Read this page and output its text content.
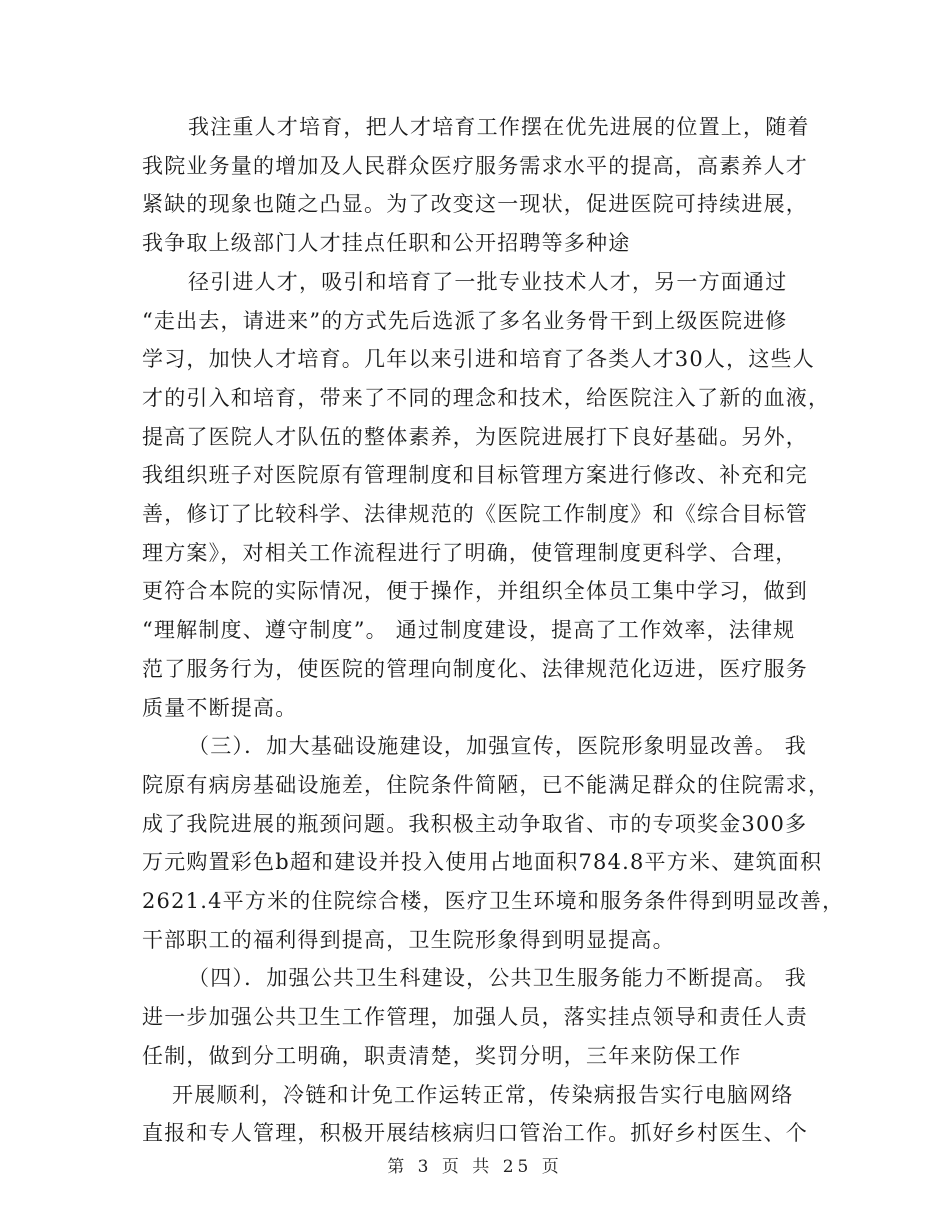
我注重人才培育，把人才培育工作摆在优先进展的位置上，随着
我院业务量的增加及人民群众医疗服务需求水平的提高，高素养人才
紧缺的现象也随之凸显。为了改变这一现状，促进医院可持续进展，
我争取上级部门人才挂点任职和公开招聘等多种途
径引进人才，吸引和培育了一批专业技术人才，另一方面通过
“走出去，请进来”的方式先后选派了多名业务骨干到上级医院进修
学习，加快人才培育。几年以来引进和培育了各类人才30人，这些人
才的引入和培育，带来了不同的理念和技术，给医院注入了新的血液，
提高了医院人才队伍的整体素养，为医院进展打下良好基础。另外，
我组织班子对医院原有管理制度和目标管理方案进行修改、补充和完
善，修订了比较科学、法律规范的《医院工作制度》和《综合目标管
理方案》，对相关工作流程进行了明确，使管理制度更科学、合理，
更符合本院的实际情况，便于操作，并组织全体员工集中学习，做到
“理解制度、遵守制度”。 通过制度建设，提高了工作效率，法律规
范了服务行为，使医院的管理向制度化、法律规范化迈进，医疗服务
质量不断提高。
（三）．加大基础设施建设，加强宣传，医院形象明显改善。 我
院原有病房基础设施差，住院条件简陋，已不能满足群众的住院需求，
成了我院进展的瓶颈问题。我积极主动争取省、市的专项奖金300多
万元购置彩色b超和建设并投入使用占地面积784.8平方米、建筑面积
2621.4平方米的住院综合楼，医疗卫生环境和服务条件得到明显改善，
干部职工的福利得到提高，卫生院形象得到明显提高。
（四）．加强公共卫生科建设，公共卫生服务能力不断提高。 我
进一步加强公共卫生工作管理，加强人员，落实挂点领导和责任人责
任制，做到分工明确，职责清楚，奖罚分明，三年来防保工作
开展顺利，冷链和计免工作运转正常，传染病报告实行电脑网络
直报和专人管理，积极开展结核病归口管治工作。抓好乡村医生、个
第 3 页 共 25 页
